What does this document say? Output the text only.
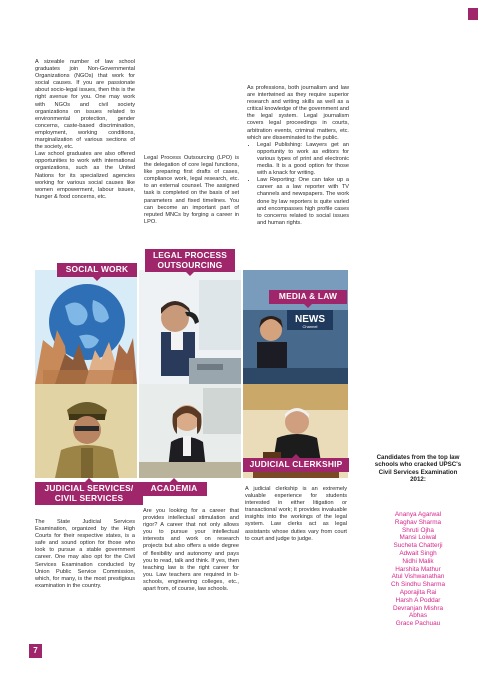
A sizeable number of law school graduates join Non-Governmental Organizations (NGOs) that work for social causes. If you are passionate about socio-legal issues, then this is the right avenue for you. One may work with NGOs and civil society organizations on issues related to environmental protection, gender concerns, caste-based discrimination, employment, working conditions, marginalization of various sections of the society, etc.

Law school graduates are also offered opportunities to work with international organizations, such as the United Nations for its specialized agencies working for various social causes like women empowerment, labour issues, hunger & food concerns, etc.

Legal Process Outsourcing (LPO) is the delegation of core legal functions, like preparing first drafts of cases, compliance work, legal research, etc. to an external counsel. The assigned task is completed on the basis of set parameters and fixed timelines. You can become an important part of reputed MNCs by forging a career in LPO.

As professions, both journalism and law are intertwined as they require superior research and writing skills as well as a critical knowledge of the government and the legal system. Legal journalism covers legal proceedings in courts, arbitration events, criminal matters, etc. which are disseminated to the public.

• Legal Publishing: Lawyers get an opportunity to work as editors for various types of print and electronic media. It is a good option for those with a knack for writing.
• Law Reporting: One can take up a career as a law reporter with TV channels and newspapers. The work done by law reporters is quite varied and encompasses high profile cases to concerns related to social issues and human rights.
NEWS
Channel
SOCIAL WORK
LEGAL PROCESS
OUTSOURCING
MEDIA & LAW
JUDICIAL SERVICES/
CIVIL SERVICES
ACADEMIA
JUDICIAL CLERKSHIP

The State Judicial Services Examination, organized by the High Courts for their respective states, is a safe and sound option for those who look to pursue a stable government career. One may also opt for the Civil Services Examination conducted by Union Public Service Commission, which, for many, is the most prestigious examination in the country.

Are you looking for a career that provides intellectual stimulation and rigor? A career that not only allows you to pursue your intellectual interests and work on research projects but also offers a wide degree of flexibility and autonomy and pays you to read, talk and think. If yes, then teaching law is the right career for you. Law teachers are required in b-schools, engineering colleges, etc., apart from, of course, law schools.

A judicial clerkship is an extremely valuable experience for students interested in either litigation or transactional work; it provides invaluable insights into the workings of the legal system. Law clerks act as legal assistants whose duties vary from court to court and judge to judge.

Candidates from the top law schools who cracked UPSC's Civil Services Examination 2012:
Ananya Agarwal
Raghav Sharma
Shruti Ojha
Mansi Loiwal
Sucheta Chatterji
Adwait Singh
Nidhi Malik
Harshita Mathur
Atul Vishwanathan
Ch Sindhu Sharma
Aporajita Rai
Harsh A Poddar
Devranjan Mishra
Abhas
Grace Pachuau
7
